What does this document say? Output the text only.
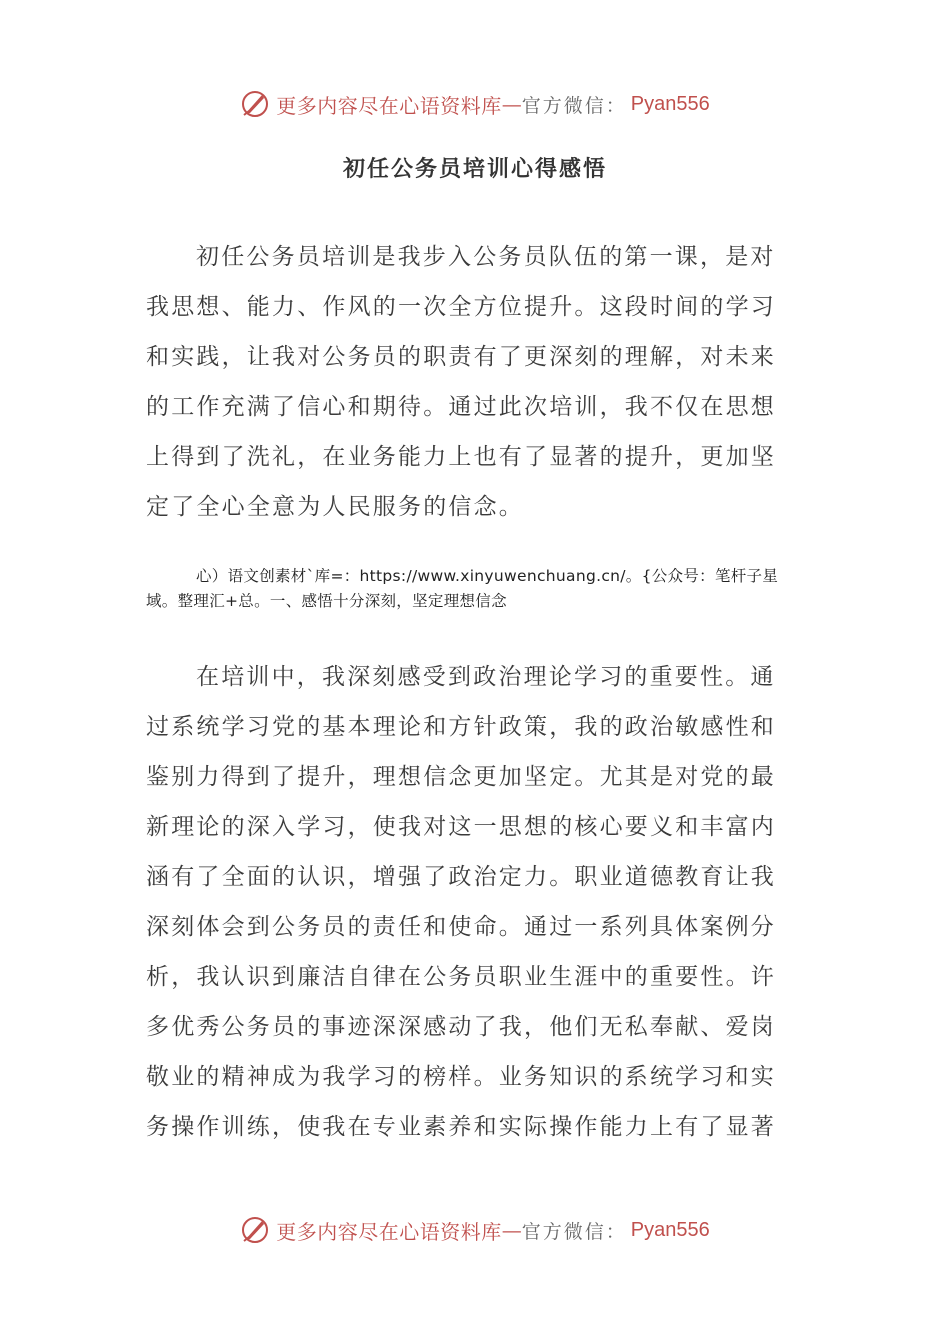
更多内容尽在心语资料库 — 官方微信： Pyan556
初任公务员培训心得感悟

初任公务员培训是我步入公务员队伍的第一课，是对我思想、能力、作风的一次全方位提升。这段时间的学习和实践，让我对公务员的职责有了更深刻的理解，对未来的工作充满了信心和期待。通过此次培训，我不仅在思想上得到了洗礼，在业务能力上也有了显著的提升，更加坚定了全心全意为人民服务的信念。

心）语文创素材`库=：https://www.xinyuwenchuang.cn/。{公众号：笔杆子星域。整理汇+总。一、感悟十分深刻，坚定理想信念

在培训中，我深刻感受到政治理论学习的重要性。通过系统学习党的基本理论和方针政策，我的政治敏感性和鉴别力得到了提升，理想信念更加坚定。尤其是对党的最新理论的深入学习，使我对这一思想的核心要义和丰富内涵有了全面的认识，增强了政治定力。职业道德教育让我深刻体会到公务员的责任和使命。通过一系列具体案例分析，我认识到廉洁自律在公务员职业生涯中的重要性。许多优秀公务员的事迹深深感动了我，他们无私奉献、爱岗敬业的精神成为我学习的榜样。业务知识的系统学习和实务操作训练，使我在专业素养和实际操作能力上有了显著

更多内容尽在心语资料库 — 官方微信： Pyan556
